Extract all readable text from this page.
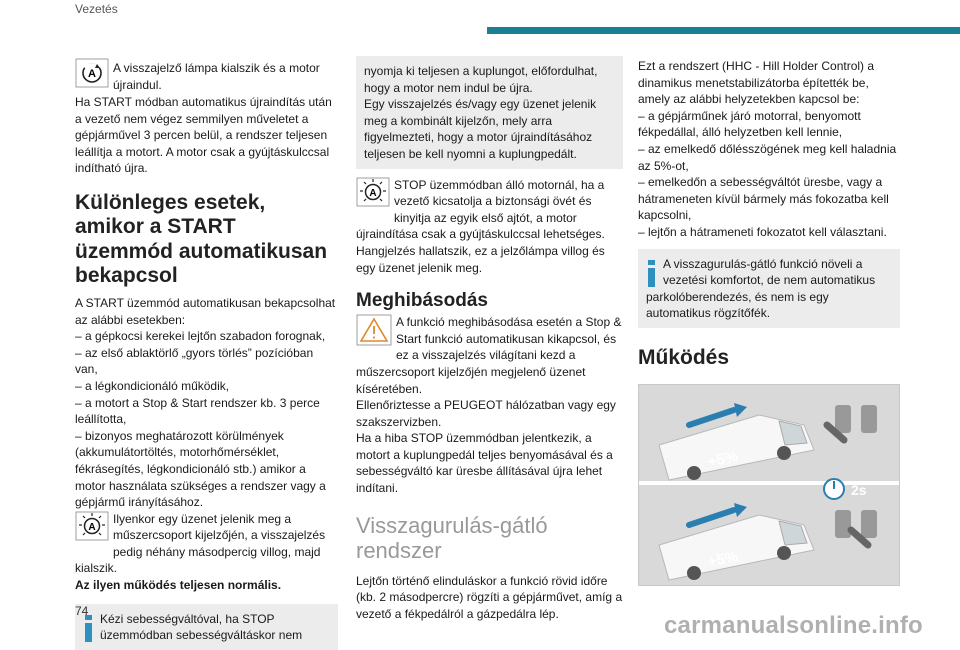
Vezetés
A	A visszajelző lámpa kialszik és a motor újraindul.

Ha START módban automatikus újraindítás után a vezető nem végez semmilyen műveletet a gépjárművel 3 percen belül, a rendszer teljesen leállítja a motort. A motor csak a gyújtáskulccsal indítható újra.

Különleges esetek, amikor a START üzemmód automatikusan bekapcsol

A START üzemmód automatikusan bekapcsolhat az alábbi esetekben:

– a gépkocsi kerekei lejtőn szabadon forognak,

– az első ablaktörlő „gyors törlés” pozícióban van,

– a légkondicionáló működik,

– a motort a Stop & Start rendszer kb. 3 perce leállította,

– bizonyos meghatározott körülmények (akkumulátortöltés, motorhőmérséklet, fékrásegítés, légkondicionáló stb.) amikor a motor használata szükséges a rendszer vagy a gépjármű irányításához.

A

Ilyenkor egy üzenet jelenik meg a műszercsoport kijelzőjén, a visszajelzés pedig néhány másodpercig villog, majd kialszik.

Az ilyen működés teljesen normális.

Kézi sebességváltóval, ha STOP üzemmódban sebességváltáskor nem

nyomja ki teljesen a kuplungot, előfordulhat, hogy a motor nem indul be újra.
Egy visszajelzés és/vagy egy üzenet jelenik meg a kombinált kijelzőn, mely arra figyelmezteti, hogy a motor újraindításához teljesen be kell nyomni a kuplungpedált.

A

STOP üzemmódban álló motornál, ha a vezető kicsatolja a biztonsági övét és kinyitja az egyik első ajtót, a motor újraindítása csak a gyújtáskulccsal lehetséges. Hangjelzés hallatszik, ez a jelzőlámpa villog és egy üzenet jelenik meg.

Meghibásodás

A funkció meghibásodása esetén a Stop & Start funkció automatikusan kikapcsol, és ez a visszajelzés világítani kezd a műszercsoport kijelzőjén megjelenő üzenet kíséretében.

Ellenőriztesse a PEUGEOT hálózatban vagy egy szakszervizben.

Ha a hiba STOP üzemmódban jelentkezik, a motort a kuplungpedál teljes benyomásával és a sebességváltó kar üresbe állításával újra lehet indítani.

Visszagurulás-gátló rendszer

Lejtőn történő elinduláskor a funkció rövid időre (kb. 2 másodpercre) rögzíti a gépjárművet, amíg a vezető a fékpedálról a gázpedálra lép.

Ezt a rendszert (HHC - Hill Holder Control) a dinamikus menetstabilizátorba építették be, amely az alábbi helyzetekben kapcsol be:

– a gépjárműnek járó motorral, benyomott fékpedállal, álló helyzetben kell lennie,

– az emelkedő dőlésszögének meg kell haladnia az 5%-ot,

– emelkedőn a sebességváltót üresbe, vagy a hátrameneten kívül bármely más fokozatba kell kapcsolni,

– lejtőn a hátrameneti fokozatot kell választani.

A visszagurulás-gátló funkció növeli a vezetési komfortot, de nem automatikus parkolóberendezés, és nem is egy automatikus rögzítőfék.

Működés
+5%
2s
+5%
74
carmanualsonline.info
